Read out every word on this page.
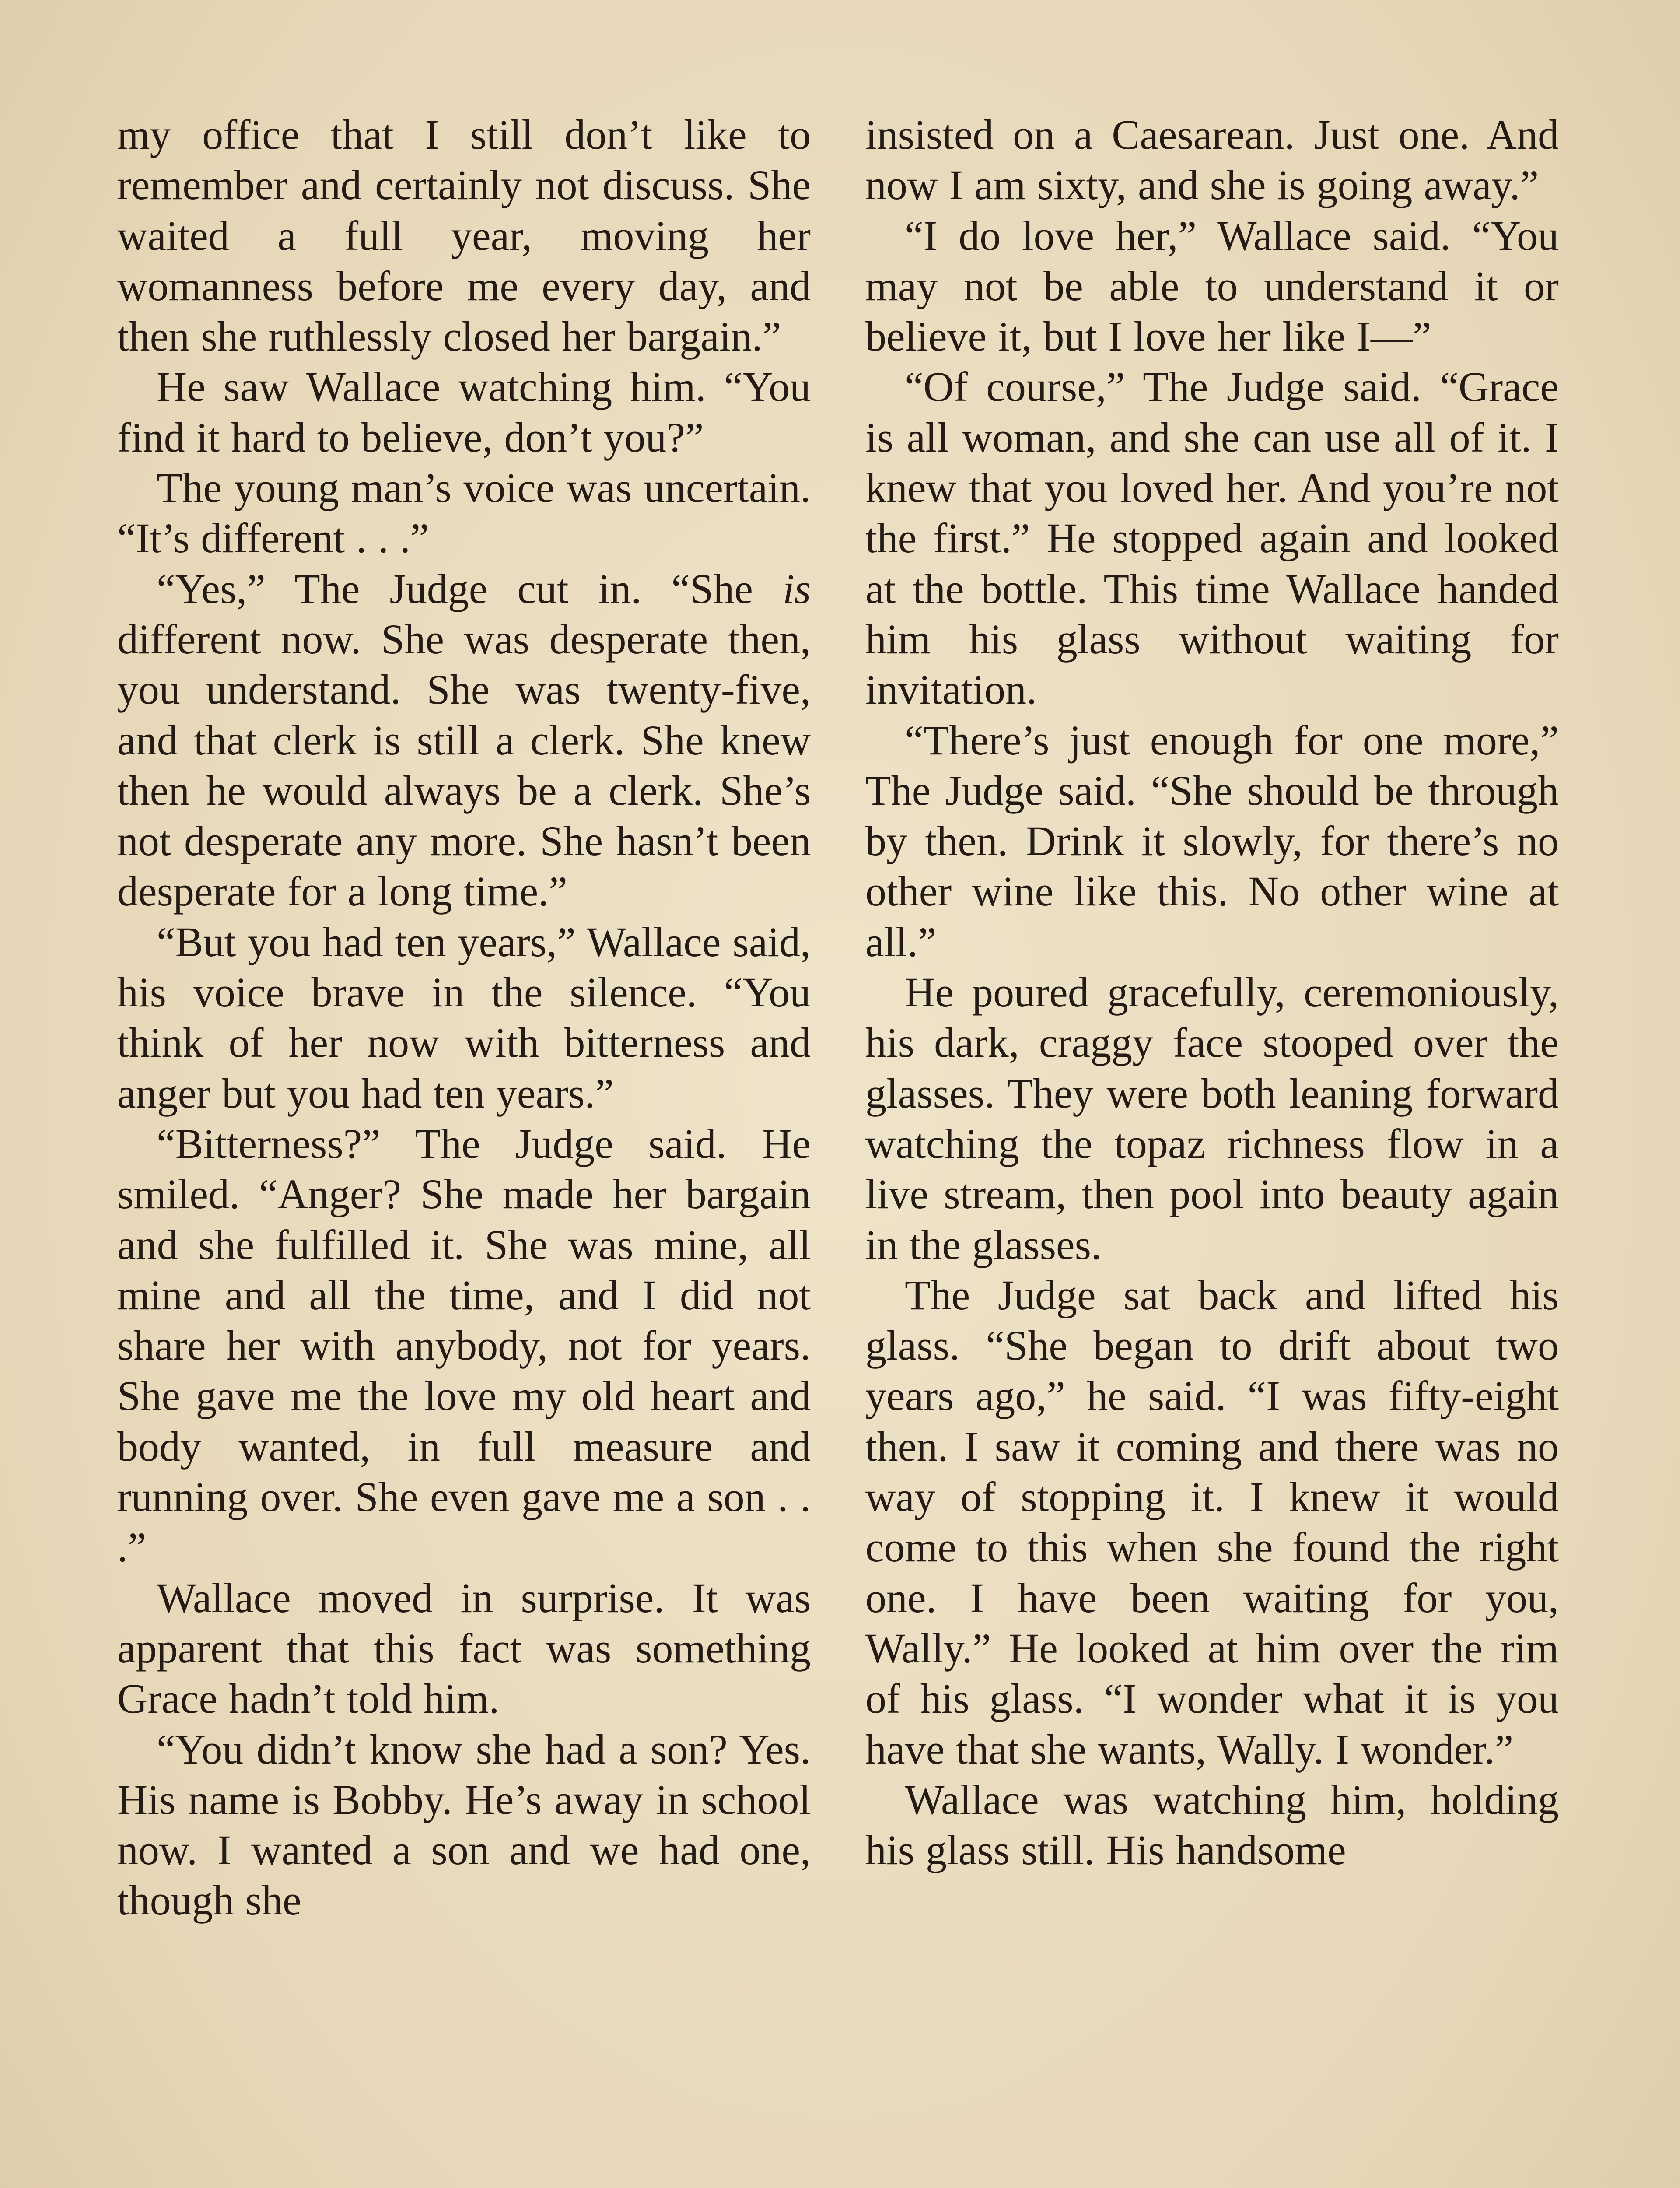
my office that I still don’t like to remember and certainly not discuss. She waited a full year, moving her womanness before me every day, and then she ruthlessly closed her bargain.”

He saw Wallace watching him. “You find it hard to believe, don’t you?”

The young man’s voice was uncertain. “It’s different . . .”

“Yes,” The Judge cut in. “She is different now. She was desperate then, you understand. She was twenty-five, and that clerk is still a clerk. She knew then he would always be a clerk. She’s not desperate any more. She hasn’t been desperate for a long time.”

“But you had ten years,” Wallace said, his voice brave in the silence. “You think of her now with bitterness and anger but you had ten years.”

“Bitterness?” The Judge said. He smiled. “Anger? She made her bargain and she fulfilled it. She was mine, all mine and all the time, and I did not share her with anybody, not for years. She gave me the love my old heart and body wanted, in full measure and running over. She even gave me a son . . .”

Wallace moved in surprise. It was apparent that this fact was something Grace hadn’t told him.

“You didn’t know she had a son? Yes. His name is Bobby. He’s away in school now. I wanted a son and we had one, though she

insisted on a Caesarean. Just one. And now I am sixty, and she is going away.”

“I do love her,” Wallace said. “You may not be able to understand it or believe it, but I love her like I—”

“Of course,” The Judge said. “Grace is all woman, and she can use all of it. I knew that you loved her. And you’re not the first.” He stopped again and looked at the bottle. This time Wallace handed him his glass without waiting for invitation.

“There’s just enough for one more,” The Judge said. “She should be through by then. Drink it slowly, for there’s no other wine like this. No other wine at all.”

He poured gracefully, ceremoniously, his dark, craggy face stooped over the glasses. They were both leaning forward watching the topaz richness flow in a live stream, then pool into beauty again in the glasses.

The Judge sat back and lifted his glass. “She began to drift about two years ago,” he said. “I was fifty-eight then. I saw it coming and there was no way of stopping it. I knew it would come to this when she found the right one. I have been waiting for you, Wally.” He looked at him over the rim of his glass. “I wonder what it is you have that she wants, Wally. I wonder.”

Wallace was watching him, holding his glass still. His handsome
